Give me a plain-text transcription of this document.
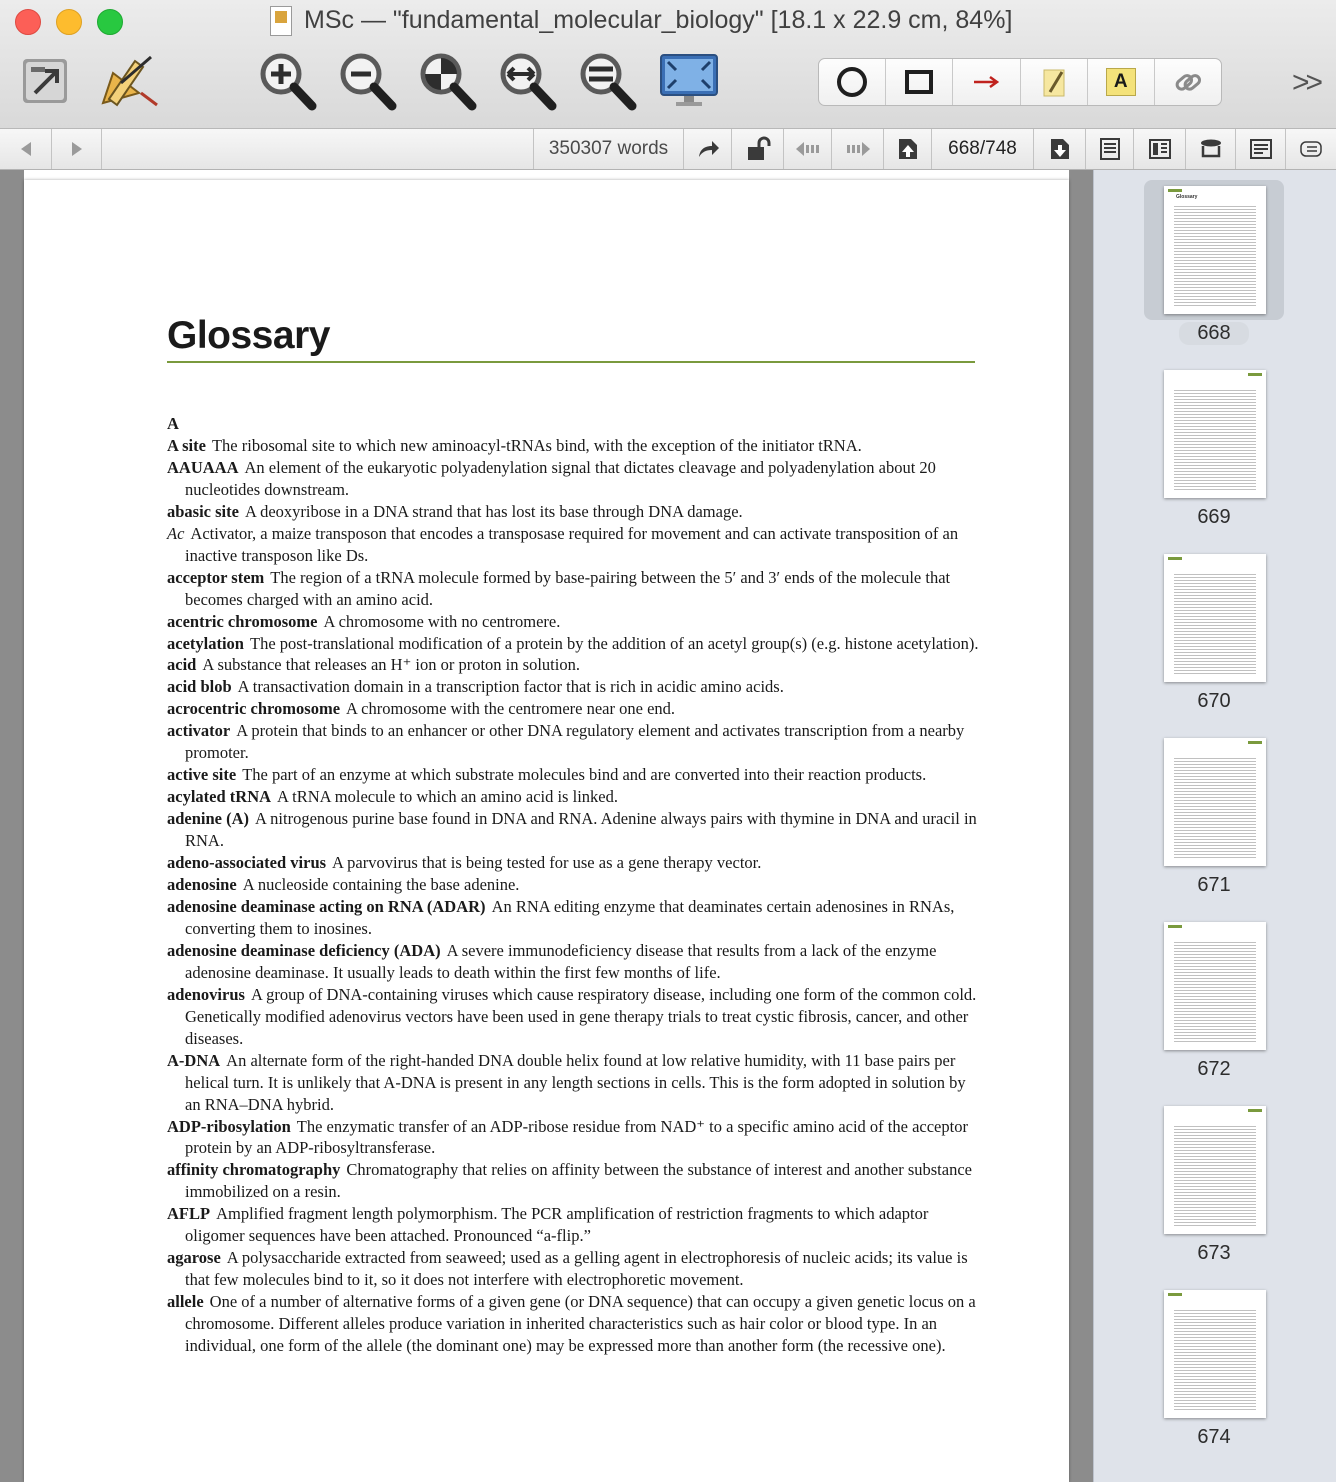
MSc — "fundamental_molecular_biology" [18.1 x 22.9 cm, 84%]
A	>>
350307 words	668/748
Glossary
A
A site The ribosomal site to which new aminoacyl-tRNAs bind, with the exception of the initiator tRNA.
AAUAAA An element of the eukaryotic polyadenylation signal that dictates cleavage and polyadenylation about 20 nucleotides downstream.
abasic site A deoxyribose in a DNA strand that has lost its base through DNA damage.
Ac Activator, a maize transposon that encodes a transposase required for movement and can activate transposition of an inactive transposon like Ds.
acceptor stem The region of a tRNA molecule formed by base-pairing between the 5′ and 3′ ends of the molecule that becomes charged with an amino acid.
acentric chromosome A chromosome with no centromere.
acetylation The post-translational modification of a protein by the addition of an acetyl group(s) (e.g. histone acetylation).
acid A substance that releases an H⁺ ion or proton in solution.
acid blob A transactivation domain in a transcription factor that is rich in acidic amino acids.
acrocentric chromosome A chromosome with the centromere near one end.
activator A protein that binds to an enhancer or other DNA regulatory element and activates transcription from a nearby promoter.
active site The part of an enzyme at which substrate molecules bind and are converted into their reaction products.
acylated tRNA A tRNA molecule to which an amino acid is linked.
adenine (A) A nitrogenous purine base found in DNA and RNA. Adenine always pairs with thymine in DNA and uracil in RNA.
adeno-associated virus A parvovirus that is being tested for use as a gene therapy vector.
adenosine A nucleoside containing the base adenine.
adenosine deaminase acting on RNA (ADAR) An RNA editing enzyme that deaminates certain adenosines in RNAs, converting them to inosines.
adenosine deaminase deficiency (ADA) A severe immunodeficiency disease that results from a lack of the enzyme adenosine deaminase. It usually leads to death within the first few months of life.
adenovirus A group of DNA-containing viruses which cause respiratory disease, including one form of the common cold. Genetically modified adenovirus vectors have been used in gene therapy trials to treat cystic fibrosis, cancer, and other diseases.
A-DNA An alternate form of the right-handed DNA double helix found at low relative humidity, with 11 base pairs per helical turn. It is unlikely that A-DNA is present in any length sections in cells. This is the form adopted in solution by an RNA–DNA hybrid.
ADP-ribosylation The enzymatic transfer of an ADP-ribose residue from NAD⁺ to a specific amino acid of the acceptor protein by an ADP-ribosyltransferase.
affinity chromatography Chromatography that relies on affinity between the substance of interest and another substance immobilized on a resin.
AFLP Amplified fragment length polymorphism. The PCR amplification of restriction fragments to which adaptor oligomer sequences have been attached. Pronounced “a-flip.”
agarose A polysaccharide extracted from seaweed; used as a gelling agent in electrophoresis of nucleic acids; its value is that few molecules bind to it, so it does not interfere with electrophoretic movement.
allele One of a number of alternative forms of a given gene (or DNA sequence) that can occupy a given genetic locus on a chromosome. Different alleles produce variation in inherited characteristics such as hair color or blood type. In an individual, one form of the allele (the dominant one) may be expressed more than another form (the recessive one).
Glossary
668
669
670
671
672
673
674
